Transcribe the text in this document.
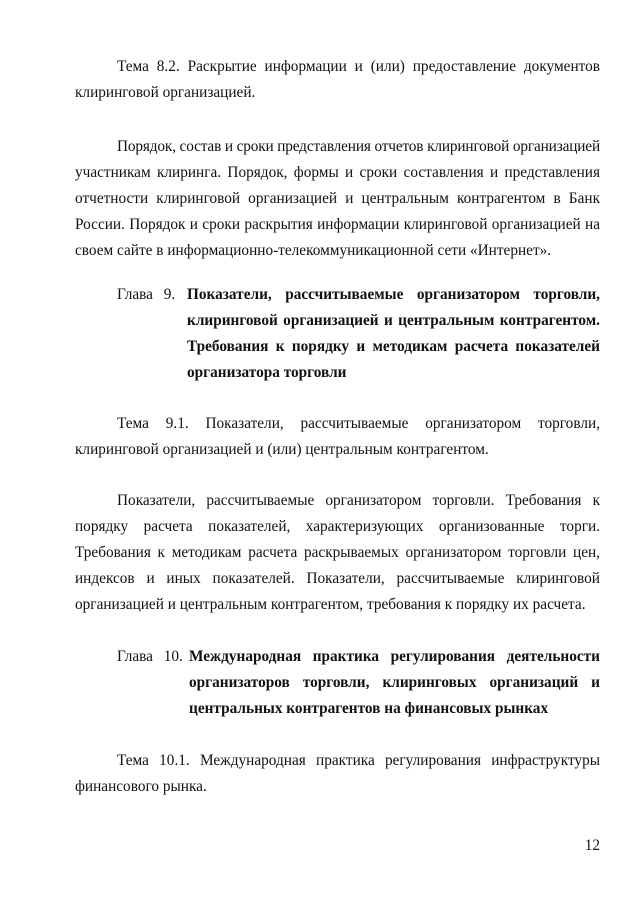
Тема 8.2. Раскрытие информации и (или) предоставление документов
клиринговой организацией.
Порядок, состав и сроки представления отчетов клиринговой организацией
участникам клиринга. Порядок, формы и сроки составления и представления
отчетности клиринговой организацией и центральным контрагентом в Банк
России. Порядок и сроки раскрытия информации клиринговой организацией на
своем сайте в информационно-телекоммуникационной сети «Интернет».
Глава 9. Показатели, рассчитываемые организатором торговли,
клиринговой организацией и центральным контрагентом.
Требования к порядку и методикам расчета показателей
организатора торговли
Тема 9.1. Показатели, рассчитываемые организатором торговли,
клиринговой организацией и (или) центральным контрагентом.
Показатели, рассчитываемые организатором торговли. Требования к
порядку расчета показателей, характеризующих организованные торги.
Требования к методикам расчета раскрываемых организатором торговли цен,
индексов и иных показателей. Показатели, рассчитываемые клиринговой
организацией и центральным контрагентом, требования к порядку их расчета.
Глава 10. Международная практика регулирования деятельности
организаторов торговли, клиринговых организаций и
центральных контрагентов на финансовых рынках
Тема 10.1. Международная практика регулирования инфраструктуры
финансового рынка.
12
